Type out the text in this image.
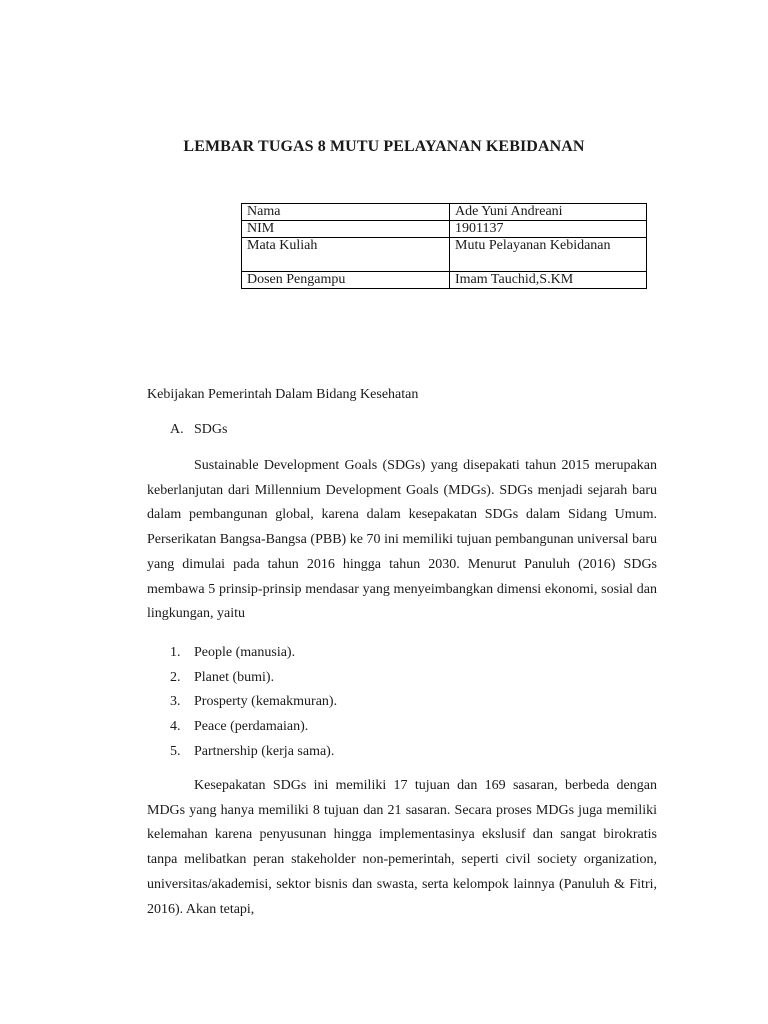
LEMBAR TUGAS 8 MUTU PELAYANAN KEBIDANAN
Nama	Ade Yuni Andreani
NIM	1901137
Mata Kuliah	Mutu Pelayanan Kebidanan
Dosen Pengampu	Imam Tauchid,S.KM
Kebijakan Pemerintah Dalam Bidang Kesehatan
A. SDGs

Sustainable Development Goals (SDGs) yang disepakati tahun 2015 merupakan keberlanjutan dari Millennium Development Goals (MDGs). SDGs menjadi sejarah baru dalam pembangunan global, karena dalam kesepakatan SDGs dalam Sidang Umum. Perserikatan Bangsa-Bangsa (PBB) ke 70 ini memiliki tujuan pembangunan universal baru yang dimulai pada tahun 2016 hingga tahun 2030. Menurut Panuluh (2016) SDGs membawa 5 prinsip-prinsip mendasar yang menyeimbangkan dimensi ekonomi, sosial dan lingkungan, yaitu

1. People (manusia).
2. Planet (bumi).
3. Prosperty (kemakmuran).
4. Peace (perdamaian).
5. Partnership (kerja sama).

Kesepakatan SDGs ini memiliki 17 tujuan dan 169 sasaran, berbeda dengan MDGs yang hanya memiliki 8 tujuan dan 21 sasaran. Secara proses MDGs juga memiliki kelemahan karena penyusunan hingga implementasinya ekslusif dan sangat birokratis tanpa melibatkan peran stakeholder non-pemerintah, seperti civil society organization, universitas/akademisi, sektor bisnis dan swasta, serta kelompok lainnya (Panuluh & Fitri, 2016). Akan tetapi,
